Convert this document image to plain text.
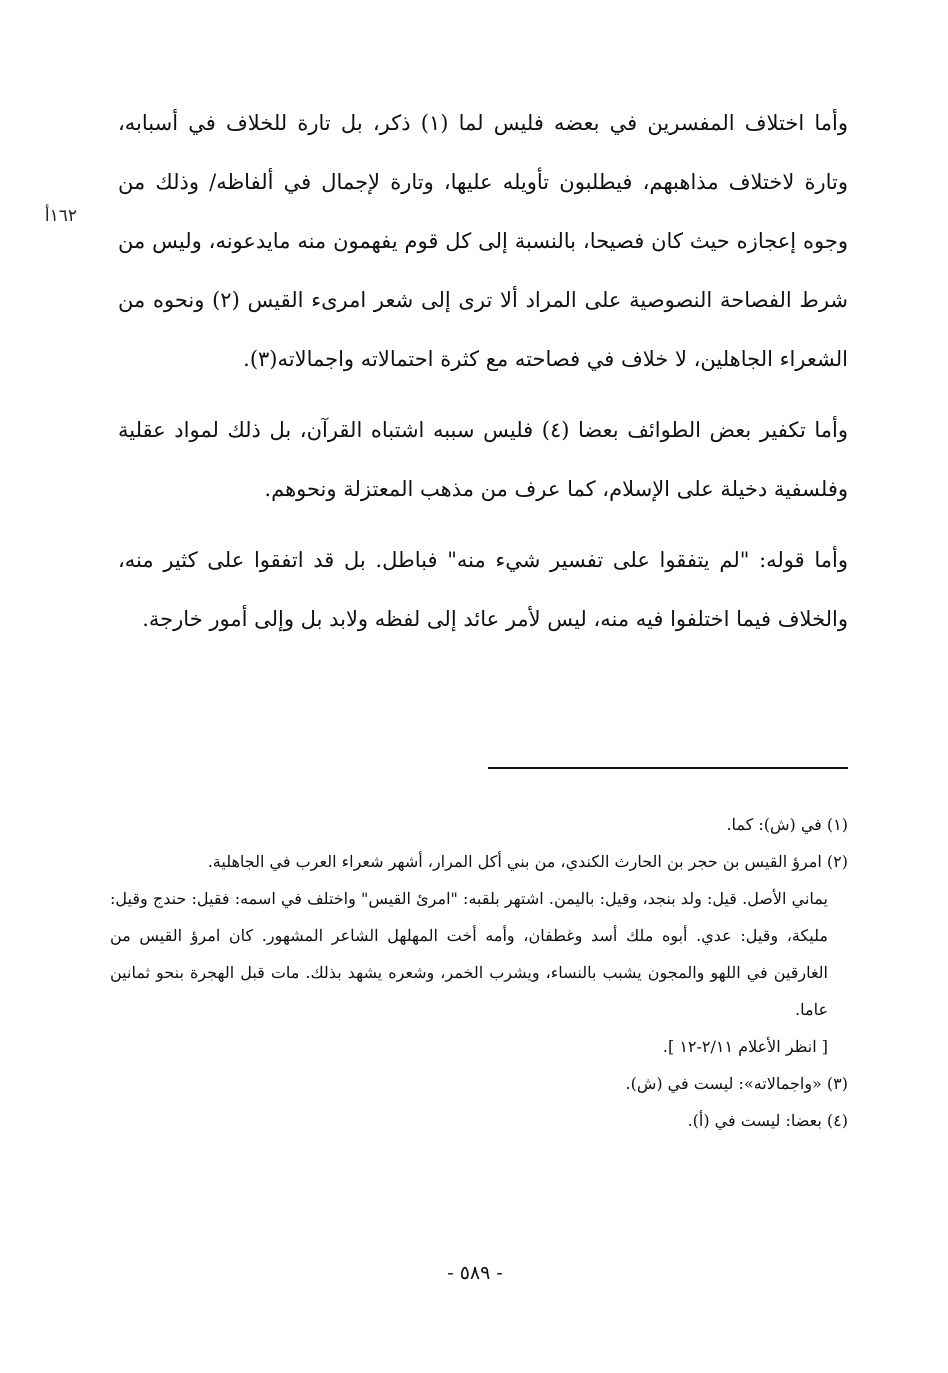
١٦٢أ

وأما اختلاف المفسرين في بعضه فليس لما (١) ذكر، بل تارة للخلاف في أسبابه، وتارة لاختلاف مذاهبهم، فيطلبون تأويله عليها، وتارة لإجمال في ألفاظه/ وذلك من وجوه إعجازه حيث كان فصيحا، بالنسبة إلى كل قوم يفهمون منه مايدعونه، وليس من شرط الفصاحة النصوصية على المراد ألا ترى إلى شعر امرىء القيس (٢) ونحوه من الشعراء الجاهلين، لا خلاف في فصاحته مع كثرة احتمالاته واجمالاته(٣).

وأما تكفير بعض الطوائف بعضا (٤) فليس سببه اشتباه القرآن، بل ذلك لمواد عقلية وفلسفية دخيلة على الإسلام، كما عرف من مذهب المعتزلة ونحوهم.

وأما قوله: "لم يتفقوا على تفسير شيء منه" فباطل. بل قد اتفقوا على كثير منه، والخلاف فيما اختلفوا فيه منه، ليس لأمر عائد إلى لفظه ولابد بل وإلى أمور خارجة.

(١) في (ش): كما.

(٢) امرؤ القيس بن حجر بن الحارث الكندي، من بني أكل المرار، أشهر شعراء العرب في الجاهلية.

يماني الأصل. قيل: ولد بنجد، وقيل: باليمن. اشتهر بلقبه: "امرئ القيس" واختلف في اسمه: فقيل: حندج وقيل: مليكة، وقيل: عدي. أبوه ملك أسد وغطفان، وأمه أخت المهلهل الشاعر المشهور. كان امرؤ القيس من الغارقين في اللهو والمجون يشبب بالنساء، ويشرب الخمر، وشعره يشهد بذلك. مات قبل الهجرة بنحو ثمانين عاما.

[ انظر الأعلام ٢/١١-١٢ ].

(٣) «واجمالاته»: ليست في (ش).

(٤) بعضا: ليست في (أ).

- ٥٨٩ -
